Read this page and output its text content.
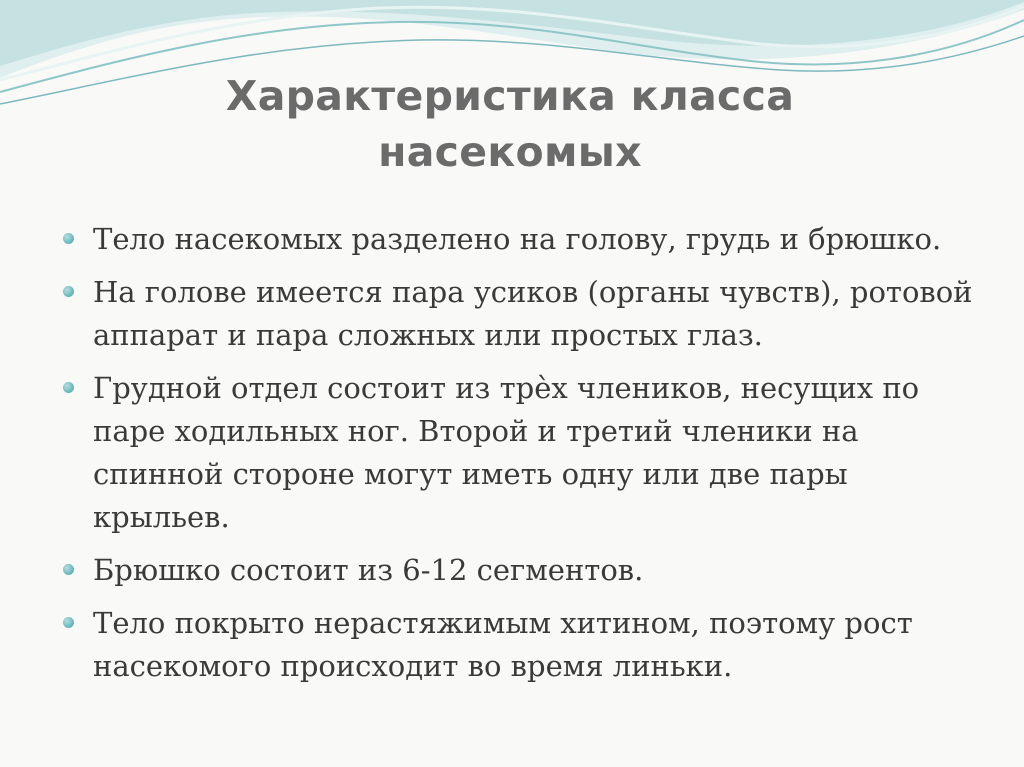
Характеристика класса
насекомых
Тело насекомых разделено на голову, грудь и брюшко.
На голове имеется пара усиков (органы чувств), ротовой аппарат и пара сложных или простых глаз.
Грудной отдел состоит из трѐх члеников, несущих по паре ходильных ног. Второй и третий членики на спинной стороне могут иметь одну или две пары крыльев.
Брюшко состоит из 6-12 сегментов.
Тело покрыто нерастяжимым хитином, поэтому рост насекомого происходит во время линьки.
